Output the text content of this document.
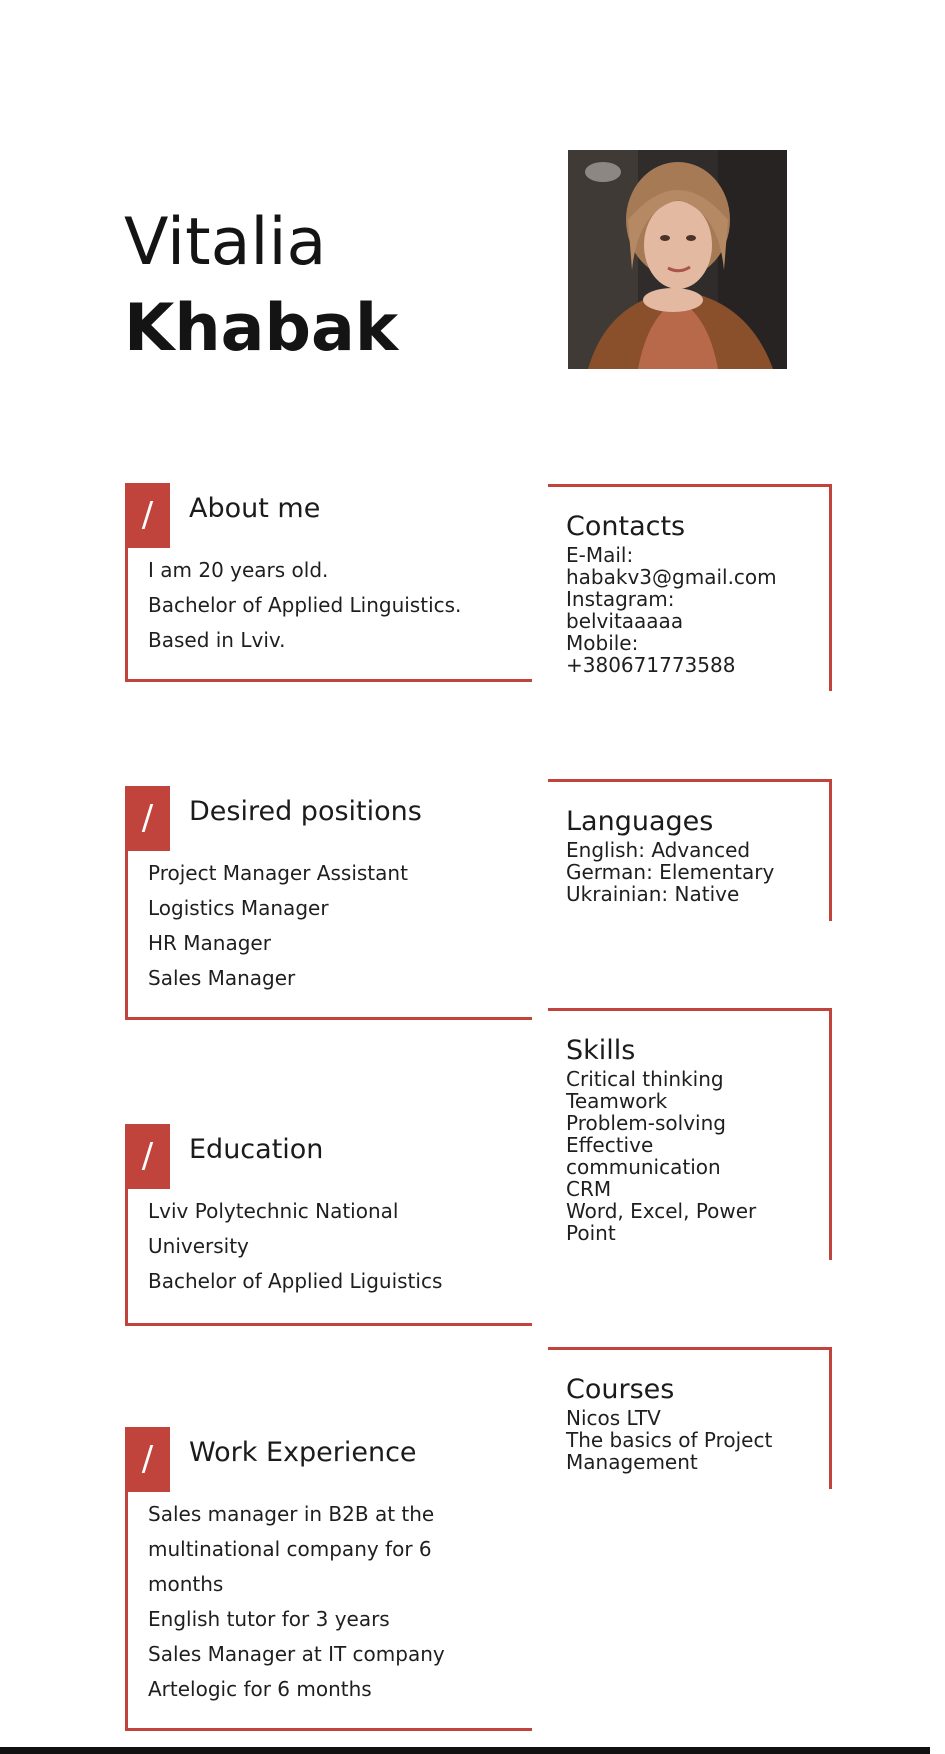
Vitalia
Khabak
/	About me
I am 20 years old.
Bachelor of Applied Linguistics.
Based in Lviv.
/	Desired positions
Project Manager Assistant
Logistics Manager
HR Manager
Sales Manager
/	Education
Lviv Polytechnic National
University
Bachelor of Applied Liguistics
/	Work Experience
Sales manager in B2B at the
multinational company for 6
months
English tutor for 3 years
Sales Manager at IT company
Artelogic for 6 months
Contacts
E-Mail:
habakv3@gmail.com
Instagram:
belvitaaaaa
Mobile:
+380671773588
Languages
English: Advanced
German: Elementary
Ukrainian: Native
Skills
Critical thinking
Teamwork
Problem-solving
Effective
communication
CRM
Word, Excel, Power
Point
Courses
Nicos LTV
The basics of Project
Management
